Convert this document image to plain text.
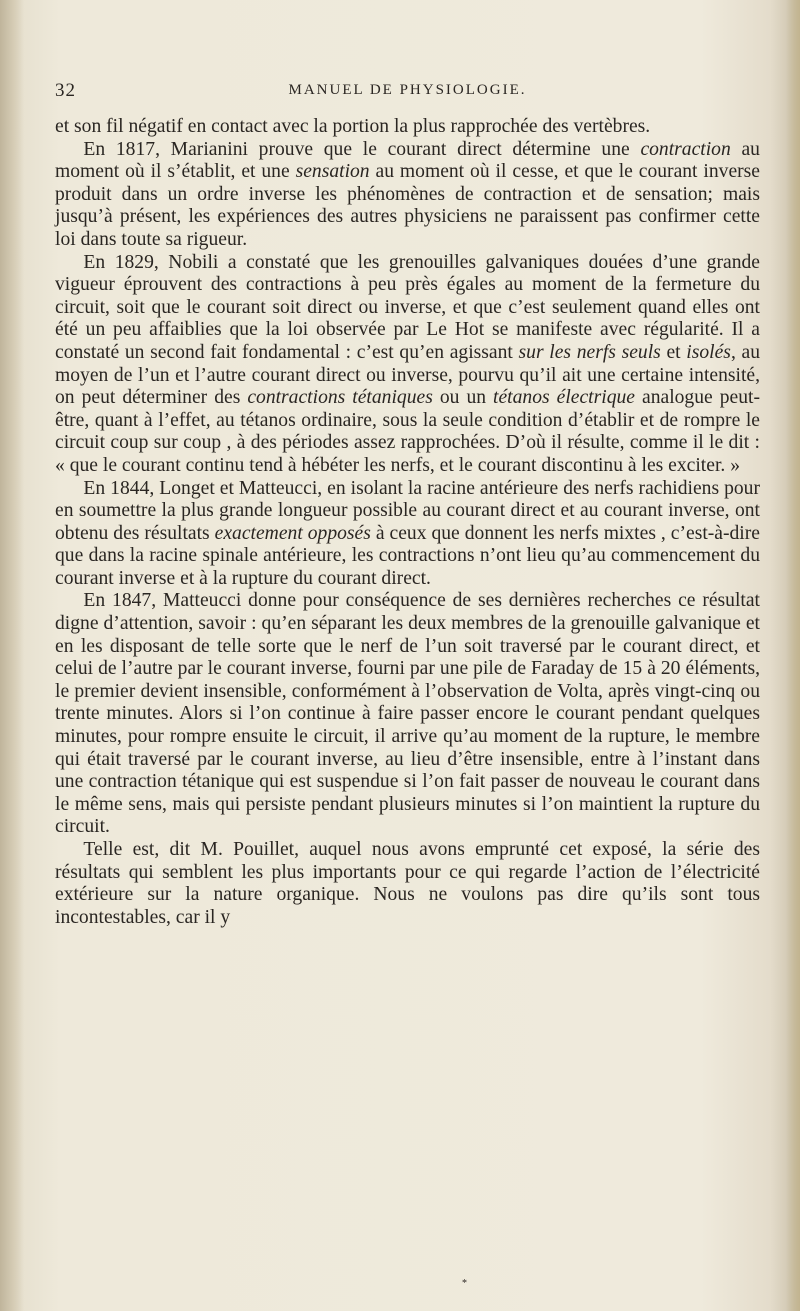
32	MANUEL DE PHYSIOLOGIE.

et son fil négatif en contact avec la portion la plus rapprochée des vertèbres.

En 1817, Marianini prouve que le courant direct détermine une contraction au moment où il s’établit, et une sensation au moment où il cesse, et que le courant inverse produit dans un ordre inverse les phénomènes de contraction et de sensation; mais jusqu’à présent, les expériences des autres physiciens ne paraissent pas confirmer cette loi dans toute sa rigueur.

En 1829, Nobili a constaté que les grenouilles galvaniques douées d’une grande vigueur éprouvent des contractions à peu près égales au moment de la fermeture du circuit, soit que le courant soit direct ou inverse, et que c’est seulement quand elles ont été un peu affaiblies que la loi observée par Le Hot se manifeste avec régularité. Il a constaté un second fait fondamental : c’est qu’en agissant sur les nerfs seuls et isolés, au moyen de l’un et l’autre courant direct ou inverse, pourvu qu’il ait une certaine intensité, on peut déterminer des contractions tétaniques ou un tétanos électrique analogue peut-être, quant à l’effet, au tétanos ordinaire, sous la seule condition d’établir et de rompre le circuit coup sur coup , à des périodes assez rapprochées. D’où il résulte, comme il le dit : « que le courant continu tend à hébéter les nerfs, et le courant discontinu à les exciter. »

En 1844, Longet et Matteucci, en isolant la racine antérieure des nerfs rachidiens pour en soumettre la plus grande longueur possible au courant direct et au courant inverse, ont obtenu des résultats exactement opposés à ceux que donnent les nerfs mixtes , c’est-à-dire que dans la racine spinale antérieure, les contractions n’ont lieu qu’au commencement du courant inverse et à la rupture du courant direct.

En 1847, Matteucci donne pour conséquence de ses dernières recherches ce résultat digne d’attention, savoir : qu’en séparant les deux membres de la grenouille galvanique et en les disposant de telle sorte que le nerf de l’un soit traversé par le courant direct, et celui de l’autre par le courant inverse, fourni par une pile de Faraday de 15 à 20 éléments, le premier devient insensible, conformément à l’observation de Volta, après vingt-cinq ou trente minutes. Alors si l’on continue à faire passer encore le courant pendant quelques minutes, pour rompre ensuite le circuit, il arrive qu’au moment de la rupture, le membre qui était traversé par le courant inverse, au lieu d’être insensible, entre à l’instant dans une contraction tétanique qui est suspendue si l’on fait passer de nouveau le courant dans le même sens, mais qui persiste pendant plusieurs minutes si l’on maintient la rupture du circuit.

Telle est, dit M. Pouillet, auquel nous avons emprunté cet exposé, la série des résultats qui semblent les plus importants pour ce qui regarde l’action de l’électricité extérieure sur la nature organique. Nous ne voulons pas dire qu’ils sont tous incontestables, car il y

*
